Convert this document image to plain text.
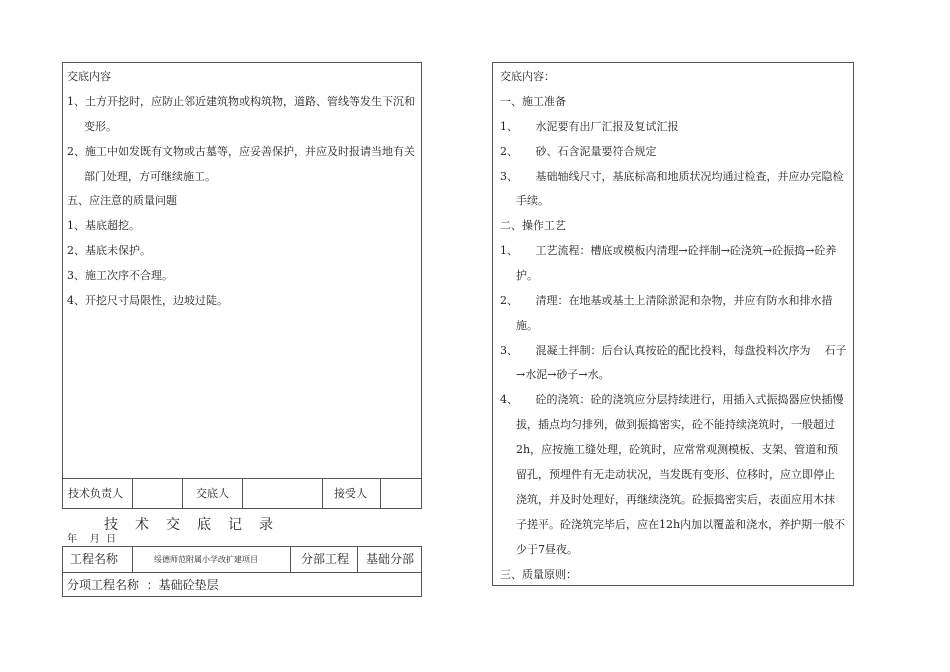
交底内容
1、土方开挖时，应防止邻近建筑物或构筑物，道路、管线等发生下沉和
变形。
2、施工中如发既有文物或古墓等，应妥善保护，并应及时报请当地有关
部门处理，方可继续施工。
五、应注意的质量问题
1、基底超挖。
2、基底未保护。
3、施工次序不合理。
4、开挖尺寸局限性，边坡过陡。
技术负责人	交底人	接受人
技术交底记录
年    月  日
工程名称	绥德师范附属小学改扩建项目	分部工程 基础分部
分项工程名称  ：基础砼垫层
交底内容：
一、施工准备
1、     水泥要有出厂汇报及复试汇报
2、     砂、石含泥量要符合规定
3、     基础轴线尺寸，基底标高和地质状况均通过检查，并应办完隐检
手续。
二、操作工艺
1、     工艺流程：槽底或模板内清理→砼拌制→砼浇筑→砼振捣→砼养
护。
2、     清理：在地基或基土上清除淤泥和杂物，并应有防水和排水措
施。
3、     混凝土拌制：后台认真按砼的配比投料，每盘投料次序为    石子
→水泥→砂子→水。
4、     砼的浇筑：砼的浇筑应分层持续进行，用插入式振捣器应快插慢
拔，插点均匀排列，做到振捣密实，砼不能持续浇筑时，一般超过
2h，应按施工缝处理，砼筑时，应常常观测模板、支架、管道和预
留孔，预埋件有无走动状况，当发既有变形、位移时，应立即停止
浇筑，并及时处理好，再继续浇筑。砼振捣密实后，表面应用木抹
子搓平。砼浇筑完毕后，应在12h内加以覆盖和浇水，养护期一般不
少于7昼夜。
三、质量原则：
